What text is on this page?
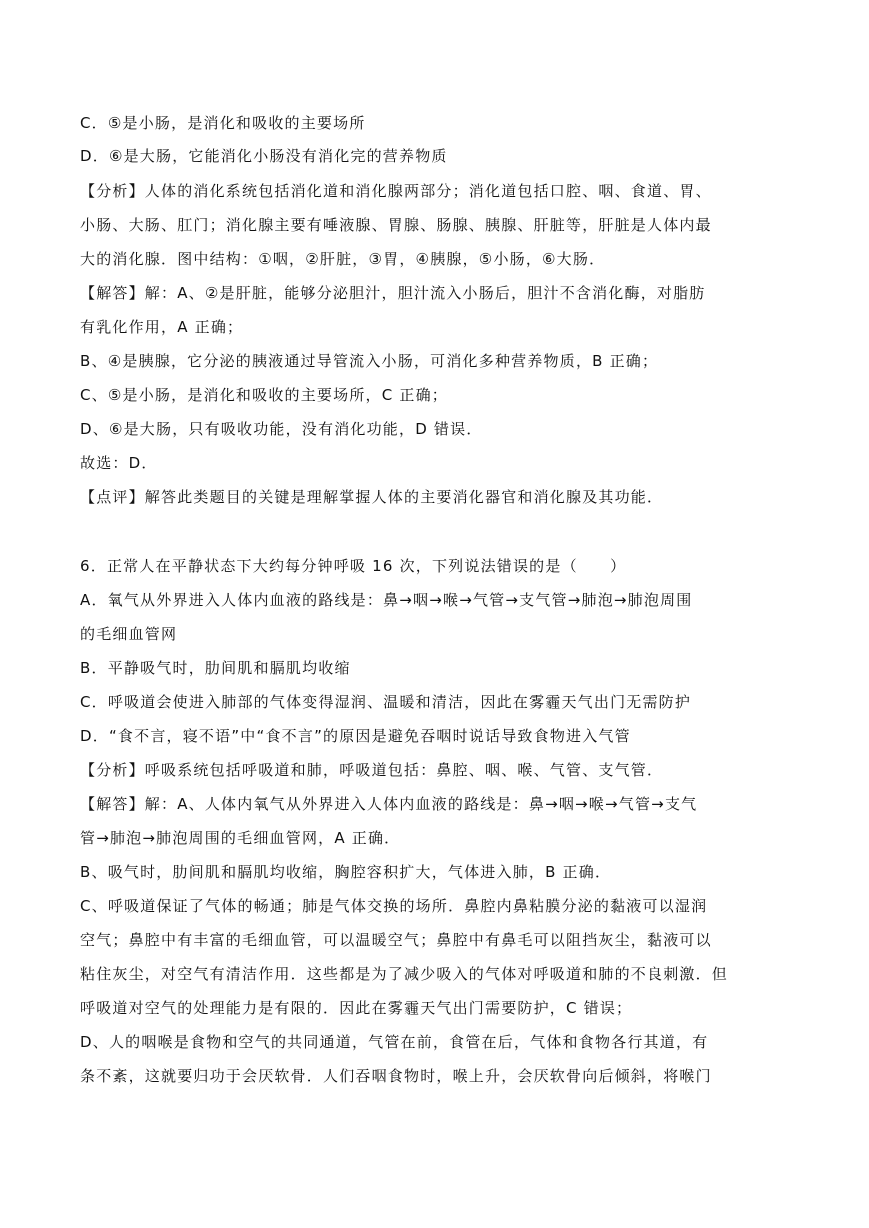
C．⑤是小肠，是消化和吸收的主要场所
D．⑥是大肠，它能消化小肠没有消化完的营养物质
【分析】人体的消化系统包括消化道和消化腺两部分；消化道包括口腔、咽、食道、胃、
小肠、大肠、肛门；消化腺主要有唾液腺、胃腺、肠腺、胰腺、肝脏等，肝脏是人体内最
大的消化腺．图中结构：①咽，②肝脏，③胃，④胰腺，⑤小肠，⑥大肠．
【解答】解：A、②是肝脏，能够分泌胆汁，胆汁流入小肠后，胆汁不含消化酶，对脂肪
有乳化作用，A 正确；
B、④是胰腺，它分泌的胰液通过导管流入小肠，可消化多种营养物质，B 正确；
C、⑤是小肠，是消化和吸收的主要场所，C 正确；
D、⑥是大肠，只有吸收功能，没有消化功能，D 错误．
故选：D．
【点评】解答此类题目的关键是理解掌握人体的主要消化器官和消化腺及其功能．
6．正常人在平静状态下大约每分钟呼吸 16 次，下列说法错误的是（　　）
A．氧气从外界进入人体内血液的路线是：鼻→咽→喉→气管→支气管→肺泡→肺泡周围
的毛细血管网
B．平静吸气时，肋间肌和膈肌均收缩
C．呼吸道会使进入肺部的气体变得湿润、温暖和清洁，因此在雾霾天气出门无需防护
D．“食不言，寝不语”中“食不言”的原因是避免吞咽时说话导致食物进入气管
【分析】呼吸系统包括呼吸道和肺，呼吸道包括：鼻腔、咽、喉、气管、支气管．
【解答】解：A、人体内氧气从外界进入人体内血液的路线是：鼻→咽→喉→气管→支气
管→肺泡→肺泡周围的毛细血管网，A 正确．
B、吸气时，肋间肌和膈肌均收缩，胸腔容积扩大，气体进入肺，B 正确．
C、呼吸道保证了气体的畅通；肺是气体交换的场所．鼻腔内鼻粘膜分泌的黏液可以湿润
空气；鼻腔中有丰富的毛细血管，可以温暖空气；鼻腔中有鼻毛可以阻挡灰尘，黏液可以
粘住灰尘，对空气有清洁作用．这些都是为了减少吸入的气体对呼吸道和肺的不良刺激．但
呼吸道对空气的处理能力是有限的．因此在雾霾天气出门需要防护，C 错误；
D、人的咽喉是食物和空气的共同通道，气管在前，食管在后，气体和食物各行其道，有
条不紊，这就要归功于会厌软骨．人们吞咽食物时，喉上升，会厌软骨向后倾斜，将喉门
